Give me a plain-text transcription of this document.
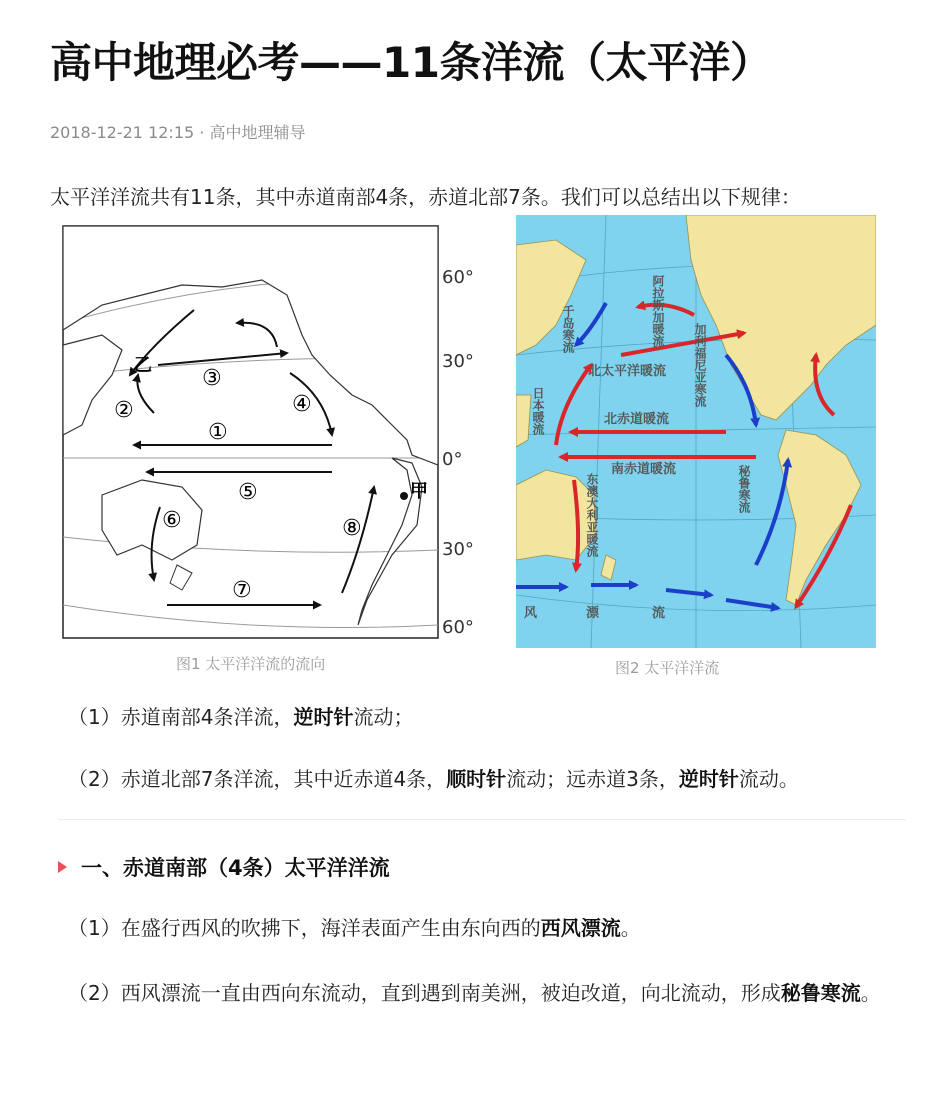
高中地理必考——11条洋流（太平洋）
2018-12-21 12:15 · 高中地理辅导
太平洋洋流共有11条，其中赤道南部4条，赤道北部7条。我们可以总结出以下规律：
①
②
③
④
⑤
⑥
⑦
⑧
乙
甲
60°
30°
0°
30°
60°
图1 太平洋洋流的流向
北太平洋暖流
北赤道暖流
南赤道暖流
日本暖流
千岛寒流	阿拉斯加暖流
加利福尼亚寒流
秘鲁寒流
东澳大利亚暖流
风	漂	流
图2 太平洋洋流
（1）赤道南部4条洋流，逆时针流动；
（2）赤道北部7条洋流，其中近赤道4条，顺时针流动；远赤道3条，逆时针流动。
一、赤道南部（4条）太平洋洋流
（1）在盛行西风的吹拂下，海洋表面产生由东向西的西风漂流。
（2）西风漂流一直由西向东流动，直到遇到南美洲，被迫改道，向北流动，形成秘鲁寒流。
